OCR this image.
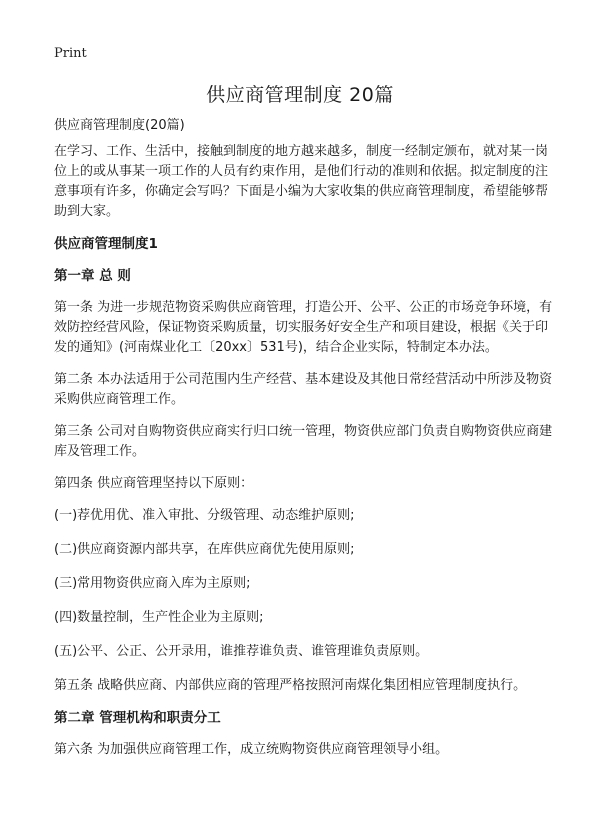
Print
供应商管理制度 20篇

供应商管理制度(20篇)

在学习、工作、生活中，接触到制度的地方越来越多，制度一经制定颁布，就对某一岗位上的或从事某一项工作的人员有约束作用，是他们行动的准则和依据。拟定制度的注意事项有许多，你确定会写吗？下面是小编为大家收集的供应商管理制度，希望能够帮助到大家。

供应商管理制度1

第一章 总 则

第一条 为进一步规范物资采购供应商管理，打造公开、公平、公正的市场竞争环境，有效防控经营风险，保证物资采购质量，切实服务好安全生产和项目建设，根据《关于印发的通知》(河南煤业化工〔20xx〕531号)，结合企业实际，特制定本办法。

第二条 本办法适用于公司范围内生产经营、基本建设及其他日常经营活动中所涉及物资采购供应商管理工作。

第三条 公司对自购物资供应商实行归口统一管理，物资供应部门负责自购物资供应商建库及管理工作。

第四条 供应商管理坚持以下原则：

(一)荐优用优、准入审批、分级管理、动态维护原则;

(二)供应商资源内部共享，在库供应商优先使用原则;

(三)常用物资供应商入库为主原则;

(四)数量控制，生产性企业为主原则;

(五)公平、公正、公开录用，谁推荐谁负责、谁管理谁负责原则。

第五条 战略供应商、内部供应商的管理严格按照河南煤化集团相应管理制度执行。

第二章 管理机构和职责分工

第六条 为加强供应商管理工作，成立统购物资供应商管理领导小组。
